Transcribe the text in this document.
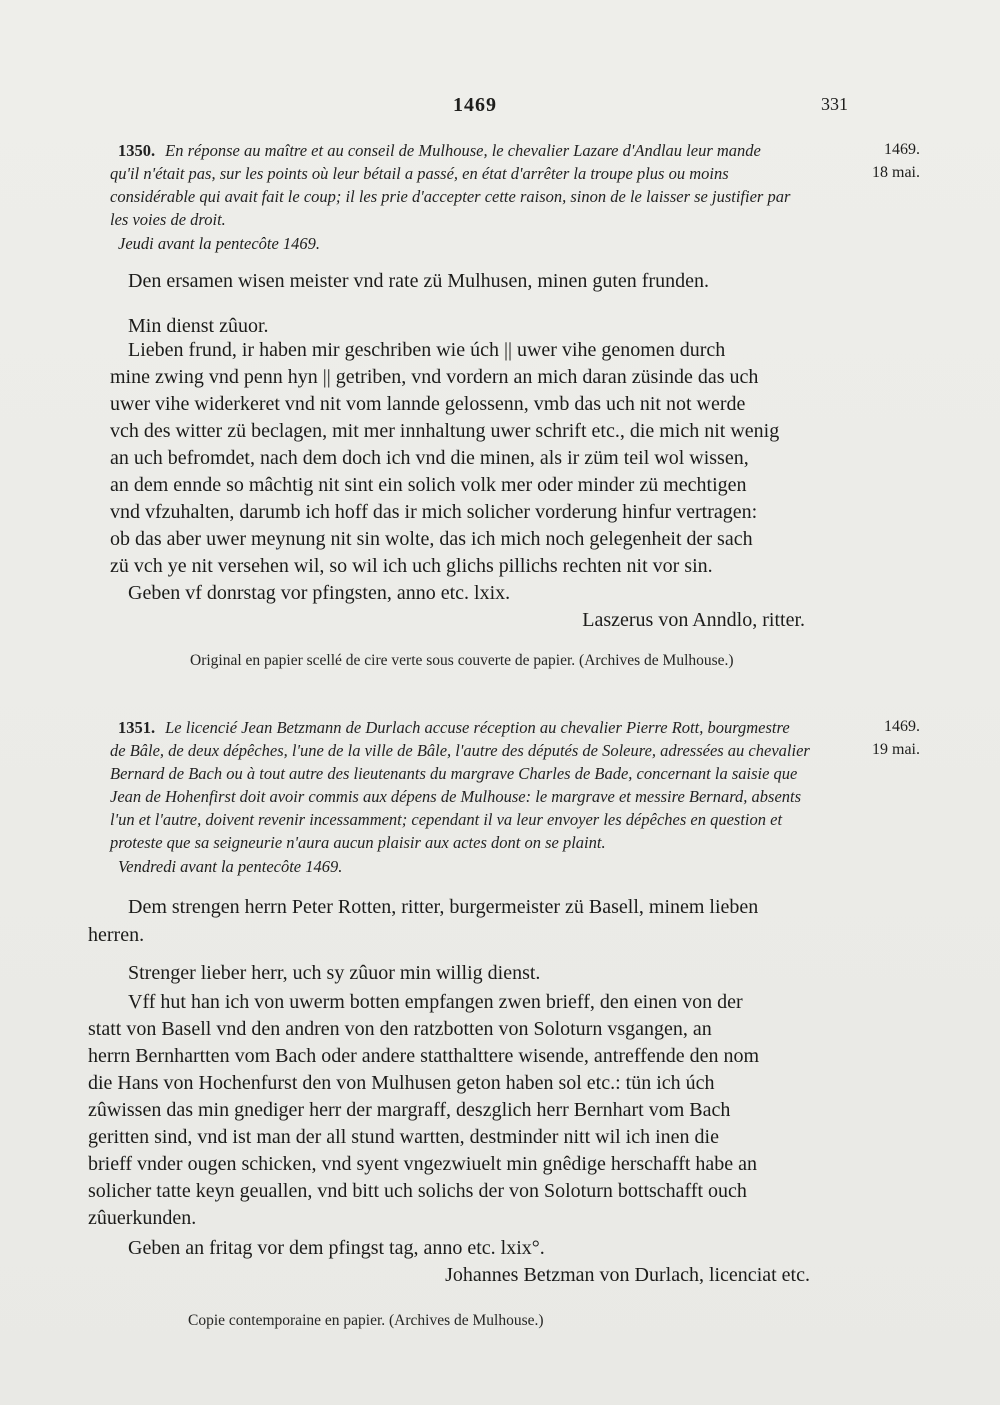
1469	331
1350. En réponse au maître et au conseil de Mulhouse, le chevalier Lazare d'Andlau leur mande
qu'il n'était pas, sur les points où leur bétail a passé, en état d'arrêter la troupe plus ou moins
considérable qui avait fait le coup; il les prie d'accepter cette raison, sinon de le laisser se justifier par
les voies de droit.
1469.
18 mai.
Jeudi avant la pentecôte 1469.
Den ersamen wisen meister vnd rate zü Mulhusen, minen guten frunden.
Min dienst zûuor.
Lieben frund, ir haben mir geschriben wie úch || uwer vihe genomen durch
mine zwing vnd penn hyn || getriben, vnd vordern an mich daran züsinde das uch
uwer vihe widerkeret vnd nit vom lannde gelossenn, vmb das uch nit not werde
vch des witter zü beclagen, mit mer innhaltung uwer schrift etc., die mich nit wenig
an uch befromdet, nach dem doch ich vnd die minen, als ir züm teil wol wissen,
an dem ennde so mâchtig nit sint ein solich volk mer oder minder zü mechtigen
vnd vfzuhalten, darumb ich hoff das ir mich solicher vorderung hinfur vertragen:
ob das aber uwer meynung nit sin wolte, das ich mich noch gelegenheit der sach
zü vch ye nit versehen wil, so wil ich uch glichs pillichs rechten nit vor sin.
Geben vf donrstag vor pfingsten, anno etc. lxix.
Laszerus von Anndlo, ritter.
Original en papier scellé de cire verte sous couverte de papier. (Archives de Mulhouse.)
1351. Le licencié Jean Betzmann de Durlach accuse réception au chevalier Pierre Rott, bourgmestre
de Bâle, de deux dépêches, l'une de la ville de Bâle, l'autre des députés de Soleure, adressées au chevalier
Bernard de Bach ou à tout autre des lieutenants du margrave Charles de Bade, concernant la saisie que
Jean de Hohenfirst doit avoir commis aux dépens de Mulhouse: le margrave et messire Bernard, absents
l'un et l'autre, doivent revenir incessamment; cependant il va leur envoyer les dépêches en question et
proteste que sa seigneurie n'aura aucun plaisir aux actes dont on se plaint.
1469.
19 mai.
Vendredi avant la pentecôte 1469.
Dem strengen herrn Peter Rotten, ritter, burgermeister zü Basell, minem lieben
herren.
Strenger lieber herr, uch sy zûuor min willig dienst.
Vff hut han ich von uwerm botten empfangen zwen brieff, den einen von der
statt von Basell vnd den andren von den ratzbotten von Soloturn vsgangen, an
herrn Bernhartten vom Bach oder andere statthalttere wisende, antreffende den nom
die Hans von Hochenfurst den von Mulhusen geton haben sol etc.: tün ich úch
zûwissen das min gnediger herr der margraff, deszglich herr Bernhart vom Bach
geritten sind, vnd ist man der all stund wartten, destminder nitt wil ich inen die
brieff vnder ougen schicken, vnd syent vngezwiuelt min gnêdige herschafft habe an
solicher tatte keyn geuallen, vnd bitt uch solichs der von Soloturn bottschafft ouch
zûuerkunden.
Geben an fritag vor dem pfingst tag, anno etc. lxix°.
Johannes Betzman von Durlach, licenciat etc.
Copie contemporaine en papier. (Archives de Mulhouse.)
